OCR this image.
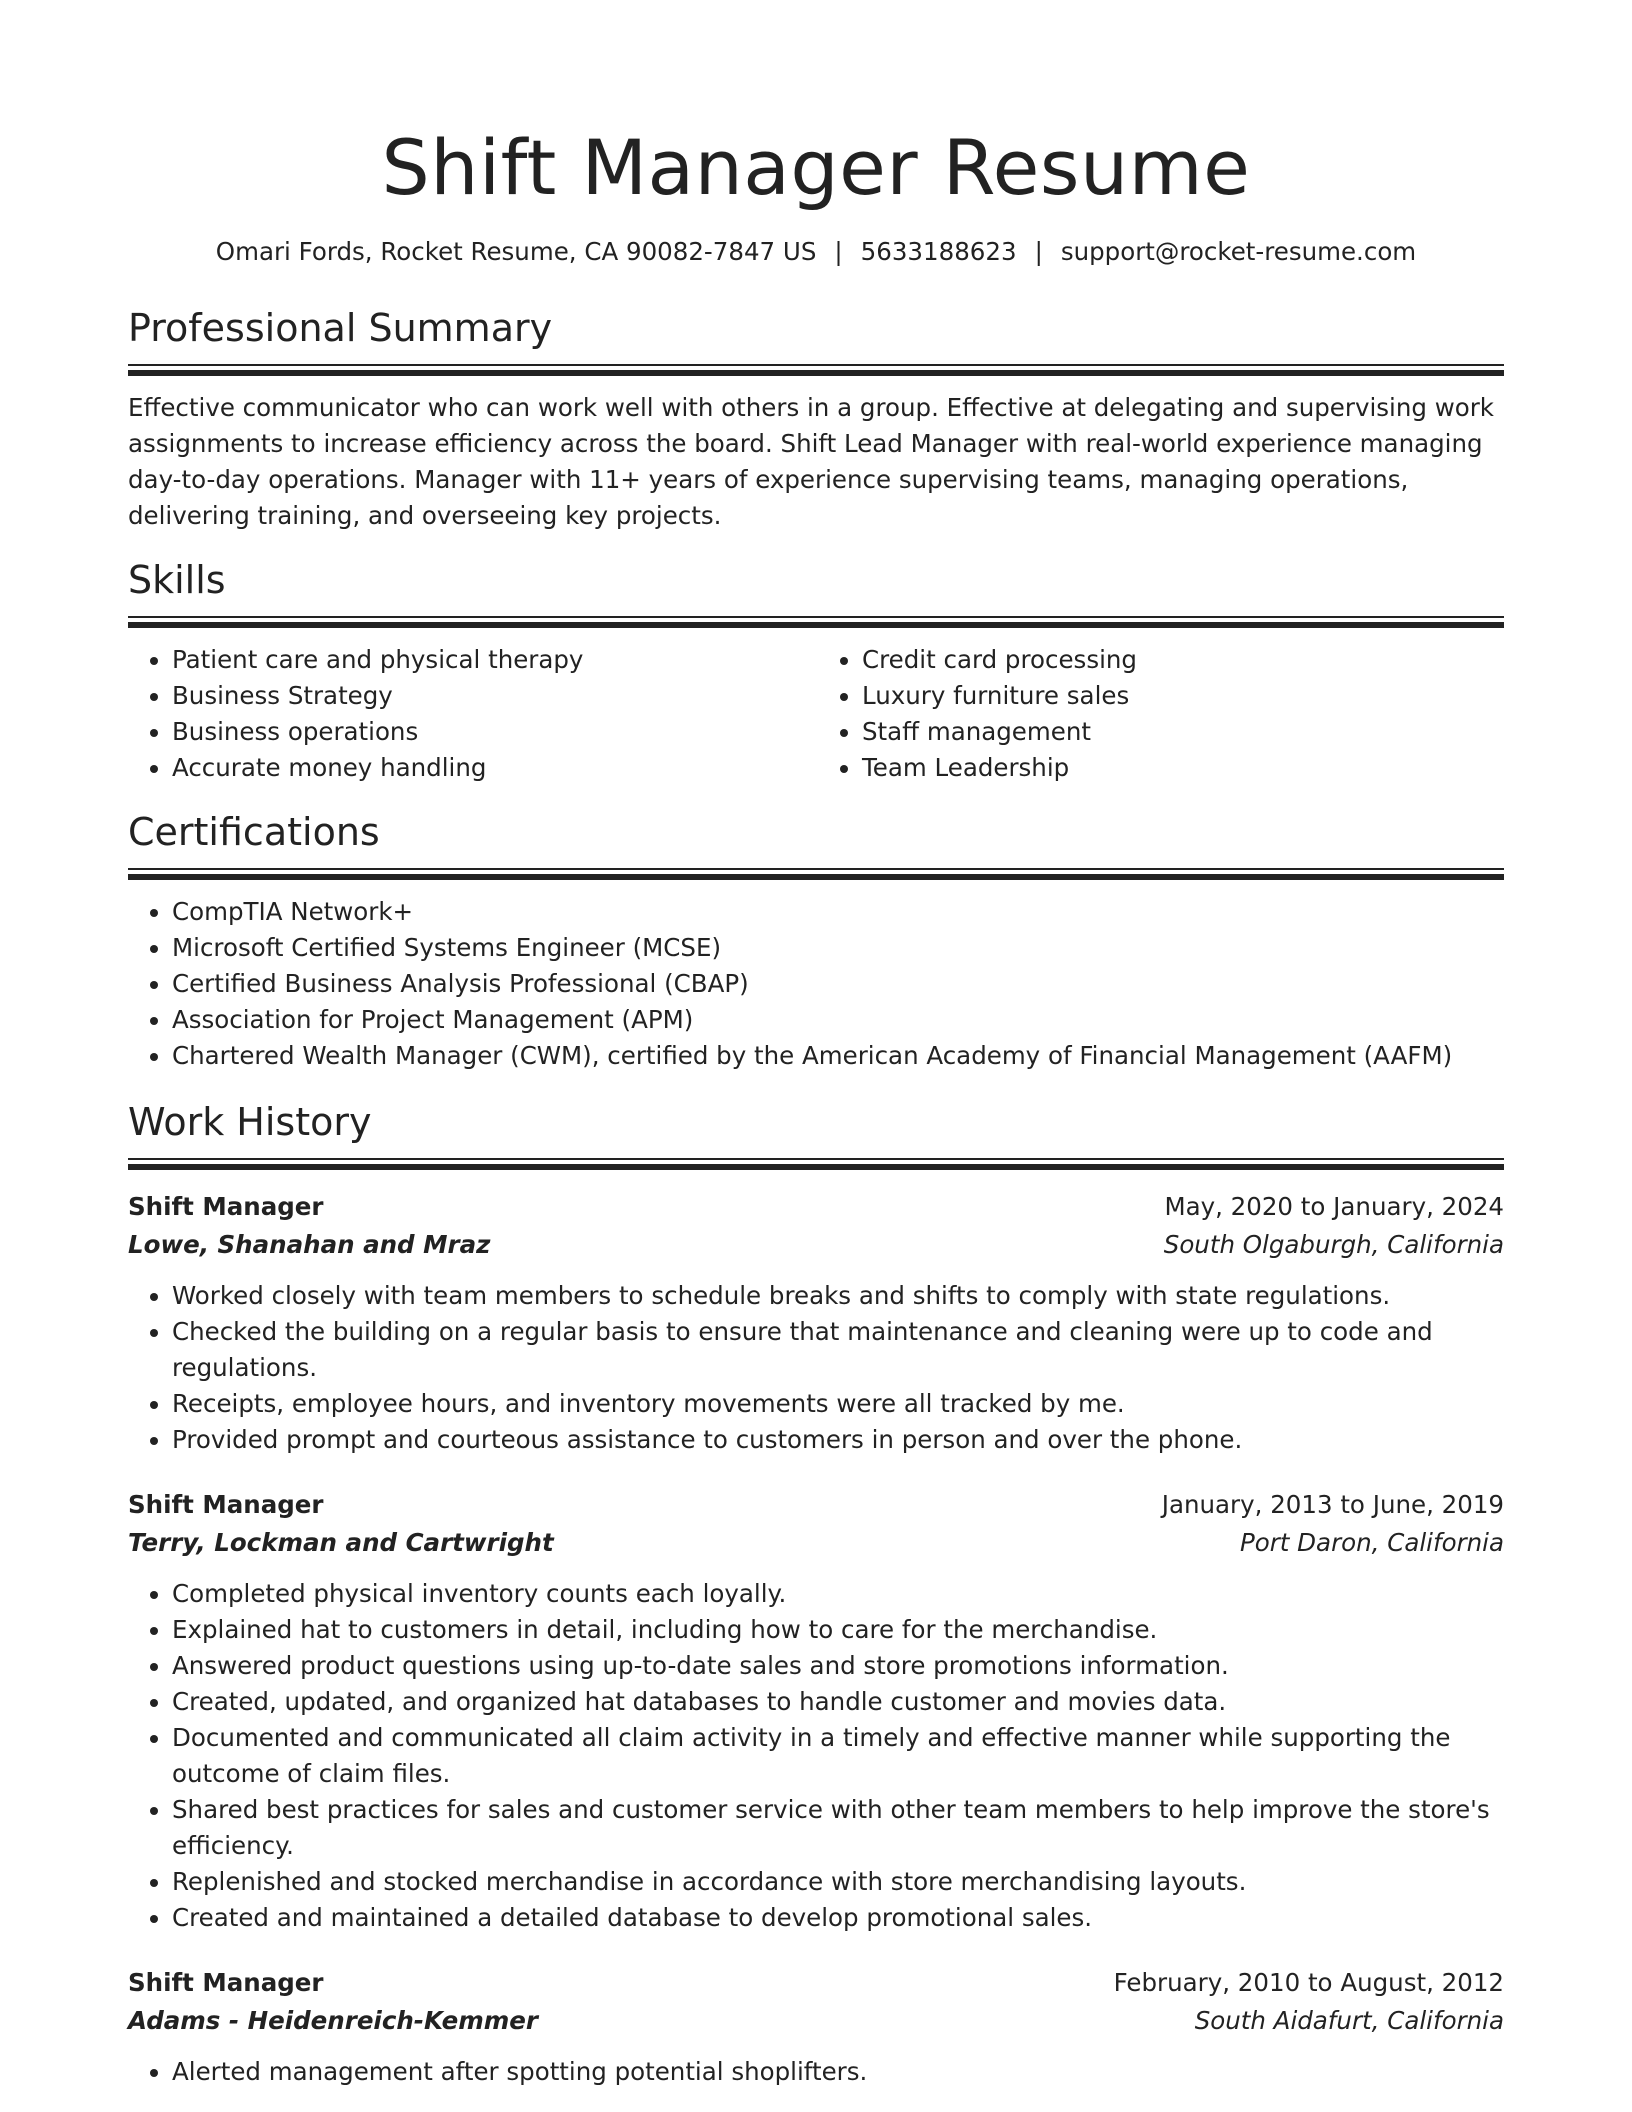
Shift Manager Resume
Omari Fords, Rocket Resume, CA 90082-7847 US | 5633188623 | support@rocket-resume.com
Professional Summary
Effective communicator who can work well with others in a group. Effective at delegating and supervising work assignments to increase efficiency across the board. Shift Lead Manager with real-world experience managing day-to-day operations. Manager with 11+ years of experience supervising teams, managing operations, delivering training, and overseeing key projects.
Skills
• Patient care and physical therapy
• Business Strategy
• Business operations
• Accurate money handling
• Credit card processing
• Luxury furniture sales
• Staff management
• Team Leadership
Certifications
• CompTIA Network+
• Microsoft Certified Systems Engineer (MCSE)
• Certified Business Analysis Professional (CBAP)
• Association for Project Management (APM)
• Chartered Wealth Manager (CWM), certified by the American Academy of Financial Management (AAFM)
Work History
Shift Manager	May, 2020 to January, 2024
Lowe, Shanahan and Mraz	South Olgaburgh, California
• Worked closely with team members to schedule breaks and shifts to comply with state regulations.
• Checked the building on a regular basis to ensure that maintenance and cleaning were up to code and regulations.
• Receipts, employee hours, and inventory movements were all tracked by me.
• Provided prompt and courteous assistance to customers in person and over the phone.
Shift Manager	January, 2013 to June, 2019
Terry, Lockman and Cartwright	Port Daron, California
• Completed physical inventory counts each loyally.
• Explained hat to customers in detail, including how to care for the merchandise.
• Answered product questions using up-to-date sales and store promotions information.
• Created, updated, and organized hat databases to handle customer and movies data.
• Documented and communicated all claim activity in a timely and effective manner while supporting the outcome of claim files.
• Shared best practices for sales and customer service with other team members to help improve the store's efficiency.
• Replenished and stocked merchandise in accordance with store merchandising layouts.
• Created and maintained a detailed database to develop promotional sales.
Shift Manager	February, 2010 to August, 2012
Adams - Heidenreich-Kemmer	South Aidafurt, California
• Alerted management after spotting potential shoplifters.
